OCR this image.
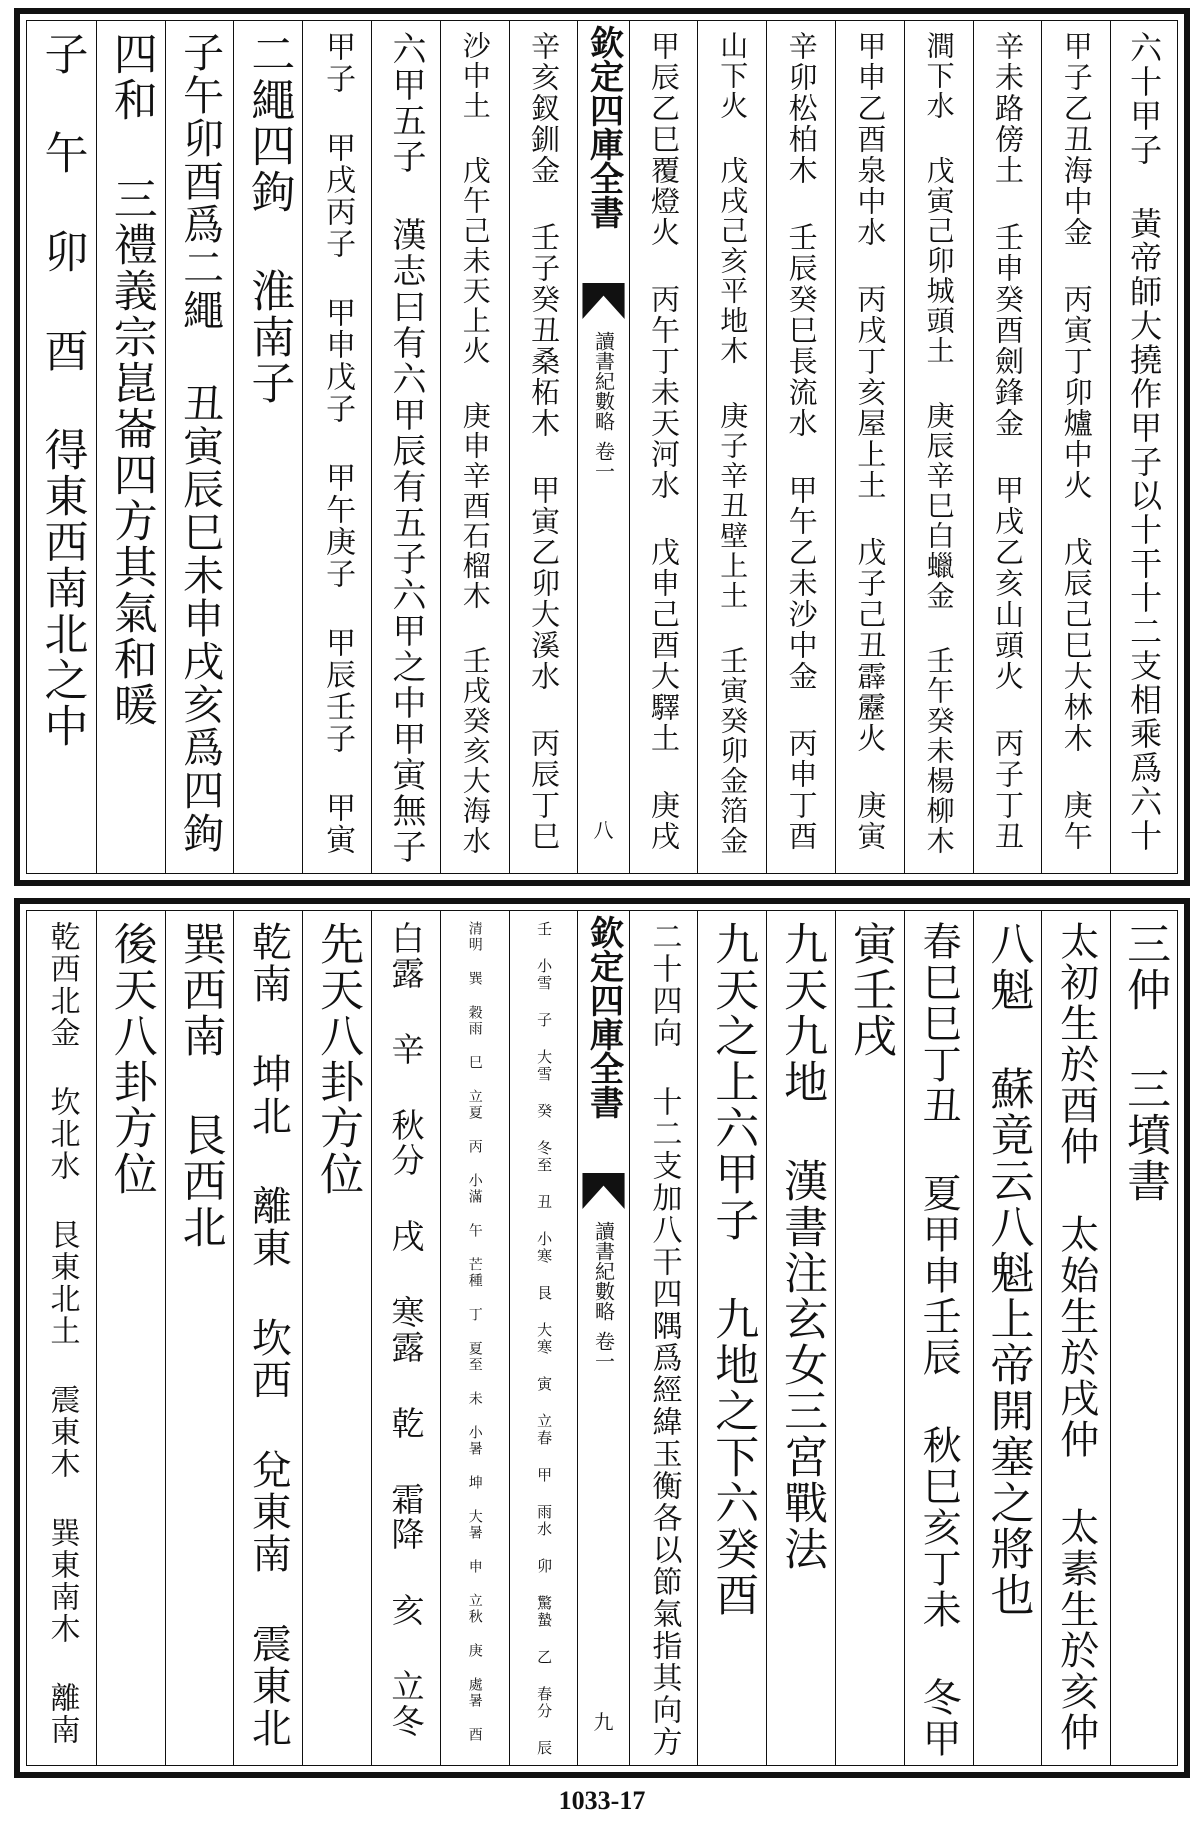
六十甲子 黃帝師大撓作甲子以十干十二支相乘爲六十
甲子乙丑海中金 丙寅丁卯爐中火 戊辰己巳大林木 庚午
辛未路傍土 壬申癸酉劍鋒金 甲戌乙亥山頭火 丙子丁丑
澗下水 戊寅己卯城頭土 庚辰辛巳白蠟金 壬午癸未楊柳木
甲申乙酉泉中水 丙戌丁亥屋上土 戊子己丑霹靂火 庚寅
辛卯松柏木 壬辰癸巳長流水 甲午乙未沙中金 丙申丁酉
山下火 戊戌己亥平地木 庚子辛丑壁上土 壬寅癸卯金箔金
甲辰乙巳覆燈火 丙午丁未天河水 戊申己酉大驛土 庚戌
欽定四庫全書
讀書紀數略
卷一
八
辛亥釵釧金 壬子癸丑桑柘木 甲寅乙卯大溪水 丙辰丁巳
沙中土 戊午己未天上火 庚申辛酉石榴木 壬戌癸亥大海水
六甲五子 漢志曰有六甲辰有五子六甲之中甲寅無子
甲子 甲戌丙子 甲申戊子 甲午庚子 甲辰壬子 甲寅
二繩四鉤 淮南子
子午卯酉爲二繩 丑寅辰巳未申戌亥爲四鉤
四和 三禮義宗崑崙四方其氣和暖
子 午 卯 酉 得東西南北之中
三仲 三墳書
太初生於酉仲 太始生於戌仲 太素生於亥仲
八魁 蘇竟云八魁上帝開塞之將也
春巳巳丁丑 夏甲申壬辰 秋巳亥丁未 冬甲
寅壬戌
九天九地 漢書注玄女三宮戰法
九天之上六甲子 九地之下六癸酉
二十四向 十二支加八干四隅爲經緯玉衡各以節氣指其向方
欽定四庫全書
讀書紀數略
卷一
九
壬 小雪 子 大雪 癸 冬至 丑 小寒 艮 大寒 寅 立春 甲 雨水 卯 驚蟄 乙 春分 辰
清明 巽 穀雨 巳 立夏 丙 小滿 午 芒種 丁 夏至 未 小暑 坤 大暑 申 立秋 庚 處暑 酉
白露 辛 秋分 戌 寒露 乾 霜降 亥 立冬
先天八卦方位
乾南 坤北 離東 坎西 兌東南 震東北
巽西南 艮西北
後天八卦方位
乾西北金 坎北水 艮東北土 震東木 巽東南木 離南
1033-17
